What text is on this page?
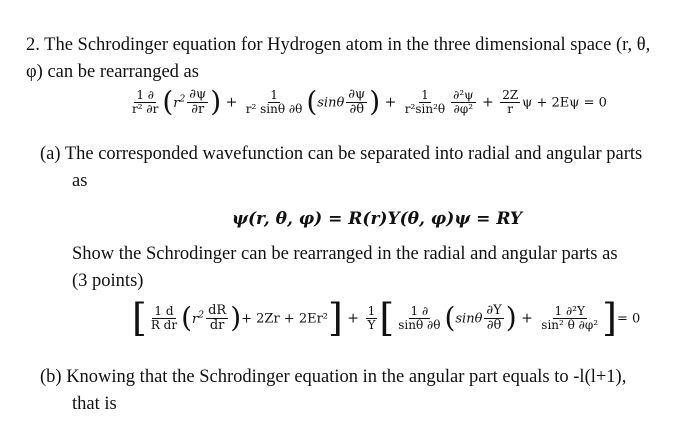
2. The Schrodinger equation for Hydrogen atom in the three dimensional space (r, θ,
φ) can be rearranged as
$\frac{1 \partial}{\text{r² ∂r}} (r^2 \frac{\partial\psi}{\partial r}$ ) + $\frac{1}{\text{r² sinθ ∂θ}} (\sin\theta \frac{\partial\psi}{\partial\theta}$ ) + $\frac{1}{\text{r²sin²θ}} \frac{\text{∂²ψ}}{\text{∂φ²}} + \frac{2Z}{r}$ ψ + 2Eψ = 0
(a) The corresponded wavefunction can be separated into radial and angular parts
as
ψ(r, θ, φ) = R(r)Y(θ, φ)ψ = RY
Show the Schrodinger can be rearranged in the radial and angular parts as
(3 points)
[ $\frac{1 d}{\text{R dr}} (r^2 \frac{dR}{dr}$ )+ $2Zr + 2Er^2] + \frac{1}{Y}$ [ $\frac{1 \partial}{\sin\theta \partial\theta} (\sin\theta \frac{\partial Y}{\partial\theta}$ ) + $\frac{\text{1 ∂²Y}}{\text{sin² θ ∂φ²}}$ ]= 0
(b) Knowing that the Schrodinger equation in the angular part equals to -l(l+1),
that is
